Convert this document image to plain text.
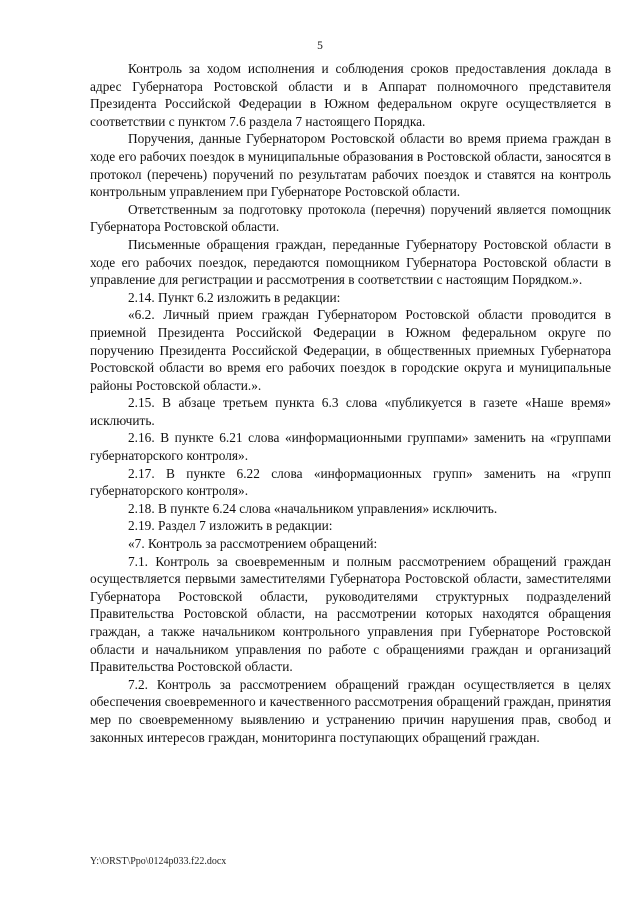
5

Контроль за ходом исполнения и соблюдения сроков предоставления доклада в адрес Губернатора Ростовской области и в Аппарат полномочного представителя Президента Российской Федерации в Южном федеральном округе осуществляется в соответствии с пунктом 7.6 раздела 7 настоящего Порядка.

Поручения, данные Губернатором Ростовской области во время приема граждан в ходе его рабочих поездок в муниципальные образования в Ростовской области, заносятся в протокол (перечень) поручений по результатам рабочих поездок и ставятся на контроль контрольным управлением при Губернаторе Ростовской области.

Ответственным за подготовку протокола (перечня) поручений является помощник Губернатора Ростовской области.

Письменные обращения граждан, переданные Губернатору Ростовской области в ходе его рабочих поездок, передаются помощником Губернатора Ростовской области в управление для регистрации и рассмотрения в соответствии с настоящим Порядком.».

2.14. Пункт 6.2 изложить в редакции:

«6.2. Личный прием граждан Губернатором Ростовской области проводится в приемной Президента Российской Федерации в Южном федеральном округе по поручению Президента Российской Федерации, в общественных приемных Губернатора Ростовской области во время его рабочих поездок в городские округа и муниципальные районы Ростовской области.».

2.15. В абзаце третьем пункта 6.3 слова «публикуется в газете «Наше время» исключить.

2.16. В пункте 6.21 слова «информационными группами» заменить на «группами губернаторского контроля».

2.17. В пункте 6.22 слова «информационных групп» заменить на «групп губернаторского контроля».

2.18. В пункте 6.24 слова «начальником управления» исключить.

2.19. Раздел 7 изложить в редакции:

«7. Контроль за рассмотрением обращений:

7.1. Контроль за своевременным и полным рассмотрением обращений граждан осуществляется первыми заместителями Губернатора Ростовской области, заместителями Губернатора Ростовской области, руководителями структурных подразделений Правительства Ростовской области, на рассмотрении которых находятся обращения граждан, а также начальником контрольного управления при Губернаторе Ростовской области и начальником управления по работе с обращениями граждан и организаций Правительства Ростовской области.

7.2. Контроль за рассмотрением обращений граждан осуществляется в целях обеспечения своевременного и качественного рассмотрения обращений граждан, принятия мер по своевременному выявлению и устранению причин нарушения прав, свобод и законных интересов граждан, мониторинга поступающих обращений граждан.

Y:\ORST\Ppo\0124p033.f22.docx
